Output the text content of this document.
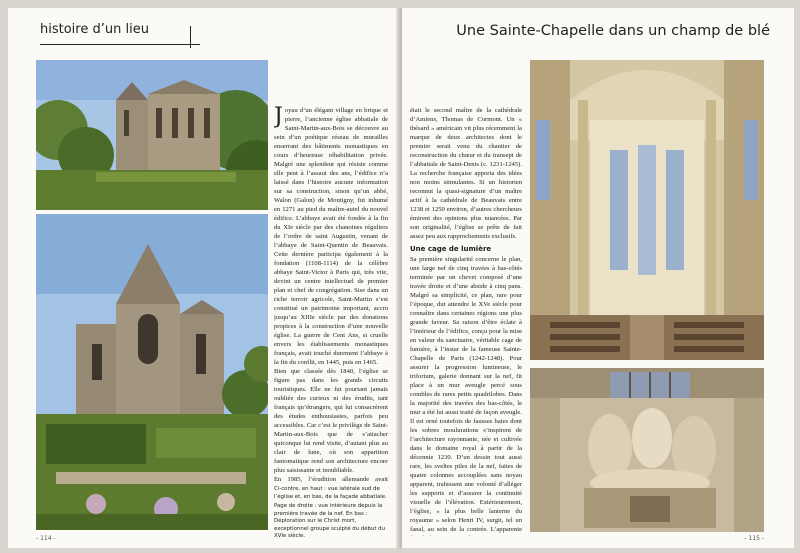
histoire d’un lieu
J oyau d’un élégant village en brique et pierre, l’ancienne église abbatiale de Saint-Martin-aux-Bois se découvre au sein d’un poétique réseau de murailles enserrant des bâtiments monastiques en cours d’heureuse réhabilitation privée. Malgré une splendeur qui résiste comme elle peut à l’assaut des ans, l’édifice n’a laissé dans l’histoire aucune information sur sa construction, sinon qu’un abbé, Walon (Galon) de Montigny, fut inhumé en 1271 au pied du maître-autel du nouvel édifice. L’abbaye avait été fondée à la fin du XIe siècle par des chanoines réguliers de l’ordre de saint Augustin, venant de l’abbaye de Saint-Quentin de Beauvais. Cette dernière participa également à la fondation (1108-1114) de la célèbre abbaye Saint-Victor à Paris qui, très vite, devint un centre intellectuel de premier plan et chef de congrégation. Sise dans un riche terroir agricole, Saint-Martin s’est constitué un patrimoine important, accru jusqu’au XIIIe siècle par des donations propices à la construction d’une nouvelle église. La guerre de Cent Ans, si cruelle envers les établissements monastiques français, avait touché durement l’abbaye à la fin du conflit, en 1445, puis en 1465.

Bien que classée dès 1840, l’église se figure pas dans les grands circuits touristiques. Elle ne fut pourtant jamais oubliée des curieux ni des érudits, tant français qu’étrangers, qui lui consacrèrent des études enthousiastes, parfois peu accessibles. Car c’est le privilège de Saint-Martin-aux-Bois que de s’attacher quiconque lui rend visite, d’autant plus au clair de lune, où son apparition fantomatique rend son architecture encore plus saisissante et inoubliable.

En 1985, l’érudition allemande avait

Ci-contre, en haut : vue latérale sud de l’église et, en bas, de la façade abbatiale.

Page de droite : vue intérieure depuis la première travée de la nef. En bas : Déploration sur le Christ mort, exceptionnel groupe sculpté du début du XVIe siècle.

- 114 -
Une Sainte-Chapelle dans un champ de blé

était le second maître de la cathédrale d’Amiens, Thomas de Cormont. Un « thésard » américain vit plus récemment la marque de deux architectes dont le premier serait venu du chantier de reconstruction du chœur et du transept de l’abbatiale de Saint-Denis (c. 1231-1245). La recherche française apporta des idées non moins stimulantes. Si un historien reconnut la quasi-signature d’un maître actif à la cathédrale de Beauvais entre 1238 et 1250 environ, d’autres chercheurs émirent des opinions plus nuancées. Par son originalité, l’église se prête de fait assez peu aux rapprochements exclusifs.

Une cage de lumière

Sa première singularité concerne le plan, une large nef de cinq travées à bas-côtés terminée par un chevet composé d’une travée droite et d’une abside à cinq pans. Malgré sa simplicité, ce plan, rare pour l’époque, dut attendre le XVe siècle pour connaître dans certaines régions une plus grande faveur. Sa raison d’être éclate à l’intérieur de l’édifice, conçu pour la mise en valeur du sanctuaire, véritable cage de lumière, à l’instar de la fameuse Sainte-Chapelle de Paris (1242-1248). Pour assurer la progression lumineuse, le triforium, galerie donnant sur la nef, fit place à un mur aveugle percé sous combles de rares petits quadrilobes. Dans la majorité des travées des bas-côtés, le mur a été lui aussi traité de façon aveugle. Il est orné toutefois de fausses baies dont les sobres moulurations s’inspirent de l’architecture rayonnante, née et cultivée dans le domaine royal à partir de la décennie 1230. D’un dessin tout aussi rare, les sveltes piles de la nef, faites de quatre colonnes accouplées sans noyau apparent, trahissent une volonté d’alléger les supports et d’assurer la continuité visuelle de l’élévation. Extérieurement, l’église, « la plus belle lanterne du royaume » selon Henri IV, surgit, tel un fanal, au sein de la contrée. L’apparente

- 115 -
